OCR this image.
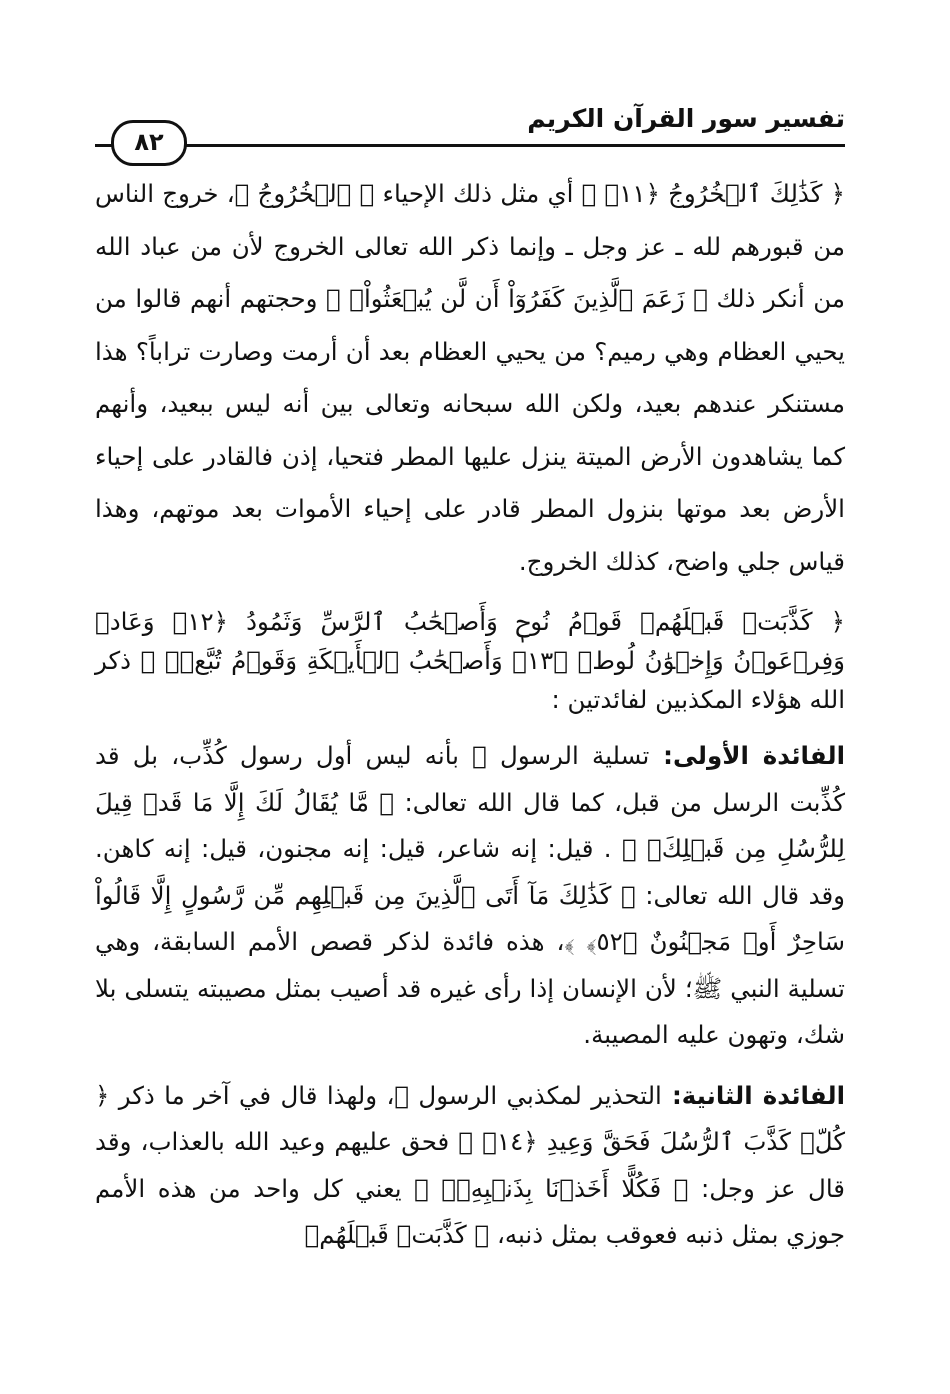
تفسير سور القرآن الكريم
٨٢

﴿ كَذَٰلِكَ ٱلۡخُرُوجُ ﴿١١﴾ ﴾ أي مثل ذلك الإحياء ﴿ ٱلۡخُرُوجُ ﴾، خروج الناس من قبورهم لله ـ عز وجل ـ وإنما ذكر الله تعالى الخروج لأن من عباد الله من أنكر ذلك ﴿ زَعَمَ ٱلَّذِينَ كَفَرُوٓاْ أَن لَّن يُبۡعَثُواْۚ ﴾ وحجتهم أنهم قالوا من يحيي العظام وهي رميم؟ من يحيي العظام بعد أن أرمت وصارت تراباً؟ هذا مستنكر عندهم بعيد، ولكن الله سبحانه وتعالى بين أنه ليس ببعيد، وأنهم كما يشاهدون الأرض الميتة ينزل عليها المطر فتحيا، إذن فالقادر على إحياء الأرض بعد موتها بنزول المطر قادر على إحياء الأموات بعد موتهم، وهذا قياس جلي واضح، كذلك الخروج.

﴿ كَذَّبَتۡ قَبۡلَهُمۡ قَوۡمُ نُوحٖ وَأَصۡحَٰبُ ٱلرَّسِّ وَثَمُودُ ﴿١٢﴾ وَعَادٞ وَفِرۡعَوۡنُ وَإِخۡوَٰنُ لُوطٖ ﴿١٣﴾ وَأَصۡحَٰبُ ٱلۡأَيۡكَةِ وَقَوۡمُ تُبَّعٖۚ ﴾ ذكر الله هؤلاء المكذبين لفائدتين :

الفائدة الأولى: تسلية الرسول ﷺ بأنه ليس أول رسول كُذِّب، بل قد كُذِّبت الرسل من قبل، كما قال الله تعالى: ﴿ مَّا يُقَالُ لَكَ إِلَّا مَا قَدۡ قِيلَ لِلرُّسُلِ مِن قَبۡلِكَۚ ﴾ . قيل: إنه شاعر، قيل: إنه مجنون، قيل: إنه كاهن. وقد قال الله تعالى: ﴿ كَذَٰلِكَ مَآ أَتَى ٱلَّذِينَ مِن قَبۡلِهِم مِّن رَّسُولٍ إِلَّا قَالُواْ سَاحِرٌ أَوۡ مَجۡنُونٌ ﴿٥٢﴾ ﴾، هذه فائدة لذكر قصص الأمم السابقة، وهي تسلية النبي ﷺ؛ لأن الإنسان إذا رأى غيره قد أصيب بمثل مصيبته يتسلى بلا شك، وتهون عليه المصيبة.

الفائدة الثانية: التحذير لمكذبي الرسول ﷺ، ولهذا قال في آخر ما ذكر ﴿ كُلّٞ كَذَّبَ ٱلرُّسُلَ فَحَقَّ وَعِيدِ ﴿١٤﴾ ﴾ فحق عليهم وعيد الله بالعذاب، وقد قال عز وجل: ﴿ فَكُلًّا أَخَذۡنَا بِذَنۢبِهِۦۖ ﴾ يعني كل واحد من هذه الأمم جوزي بمثل ذنبه فعوقب بمثل ذنبه، ﴿ كَذَّبَتۡ قَبۡلَهُمۡ
